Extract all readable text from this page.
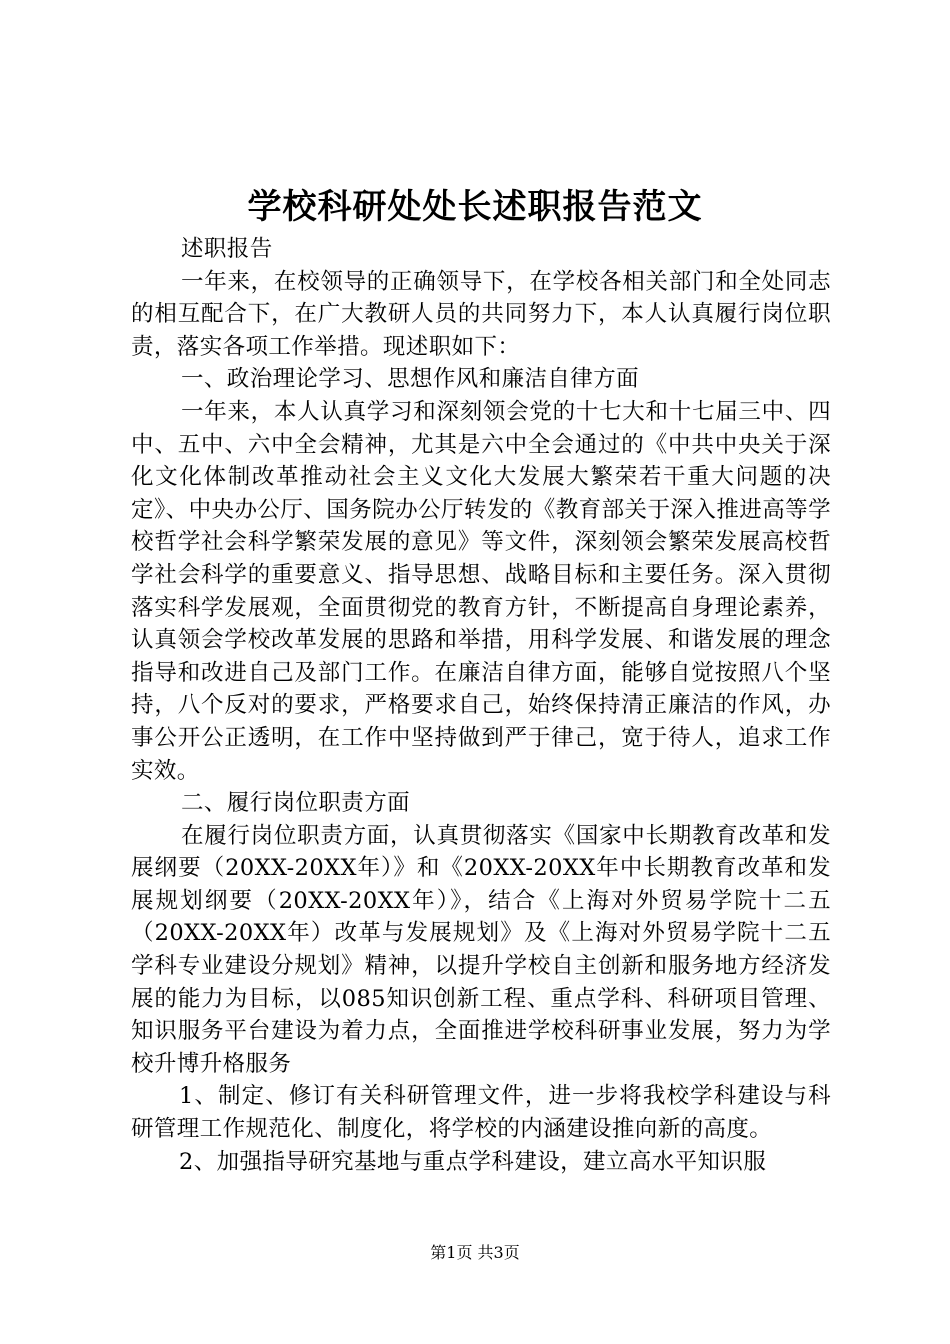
学校科研处处长述职报告范文

述职报告

一年来，在校领导的正确领导下，在学校各相关部门和全处同志的相互配合下，在广大教研人员的共同努力下，本人认真履行岗位职责，落实各项工作举措。现述职如下：

一、政治理论学习、思想作风和廉洁自律方面

一年来，本人认真学习和深刻领会党的十七大和十七届三中、四中、五中、六中全会精神，尤其是六中全会通过的《中共中央关于深化文化体制改革推动社会主义文化大发展大繁荣若干重大问题的决定》、中央办公厅、国务院办公厅转发的《教育部关于深入推进高等学校哲学社会科学繁荣发展的意见》等文件，深刻领会繁荣发展高校哲学社会科学的重要意义、指导思想、战略目标和主要任务。深入贯彻落实科学发展观，全面贯彻党的教育方针，不断提高自身理论素养，认真领会学校改革发展的思路和举措，用科学发展、和谐发展的理念指导和改进自己及部门工作。在廉洁自律方面，能够自觉按照八个坚持，八个反对的要求，严格要求自己，始终保持清正廉洁的作风，办事公开公正透明，在工作中坚持做到严于律己，宽于待人，追求工作实效。

二、履行岗位职责方面

在履行岗位职责方面，认真贯彻落实《国家中长期教育改革和发展纲要（20XX-20XX年）》和《20XX-20XX年中长期教育改革和发展规划纲要（20XX-20XX年）》，结合《上海对外贸易学院十二五（20XX-20XX年）改革与发展规划》及《上海对外贸易学院十二五学科专业建设分规划》精神，以提升学校自主创新和服务地方经济发展的能力为目标，以085知识创新工程、重点学科、科研项目管理、知识服务平台建设为着力点，全面推进学校科研事业发展，努力为学校升博升格服务

1、制定、修订有关科研管理文件，进一步将我校学科建设与科研管理工作规范化、制度化，将学校的内涵建设推向新的高度。

2、加强指导研究基地与重点学科建设，建立高水平知识服

第1页 共3页
